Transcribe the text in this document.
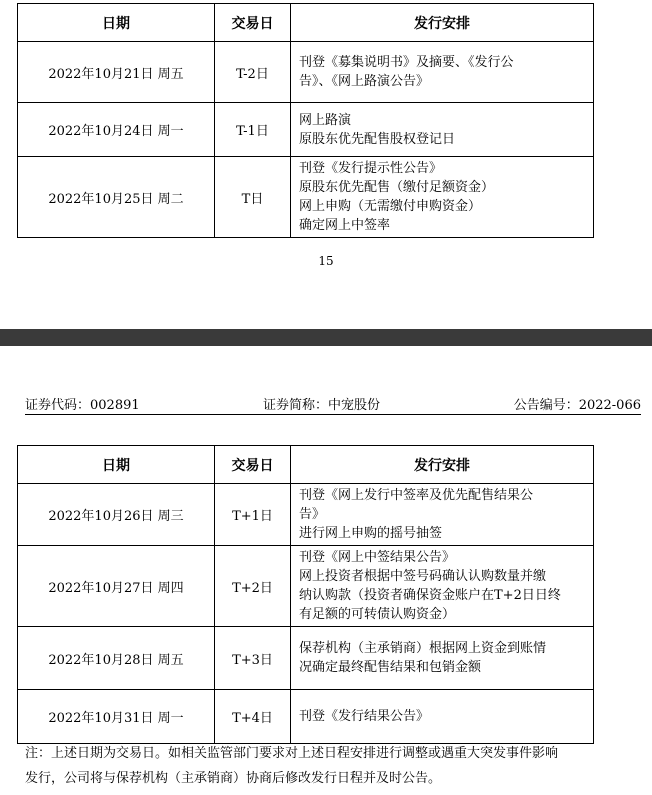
日期	交易日	发行安排
2022年10月21日 周五	T-2日	刊登《募集说明书》及摘要、《发行公
告》、《网上路演公告》

2022年10月24日 周一	T-1日	网上路演
原股东优先配售股权登记日

2022年10月25日 周二	T日	刊登《发行提示性公告》
原股东优先配售（缴付足额资金）
网上申购（无需缴付申购资金）
确定网上中签率
15
证券代码：002891	证券简称：中宠股份	公告编号：2022-066
日期	交易日	发行安排
2022年10月26日 周三	T+1日	刊登《网上发行中签率及优先配售结果公
告》
进行网上申购的摇号抽签

2022年10月27日 周四	T+2日	刊登《网上中签结果公告》
网上投资者根据中签号码确认认购数量并缴
纳认购款（投资者确保资金账户在T+2日日终
有足额的可转债认购资金）

2022年10月28日 周五	T+3日	保荐机构（主承销商）根据网上资金到账情
况确定最终配售结果和包销金额

2022年10月31日 周一	T+4日	刊登《发行结果公告》
注：上述日期为交易日。如相关监管部门要求对上述日程安排进行调整或遇重大突发事件影响
发行，公司将与保荐机构（主承销商）协商后修改发行日程并及时公告。
